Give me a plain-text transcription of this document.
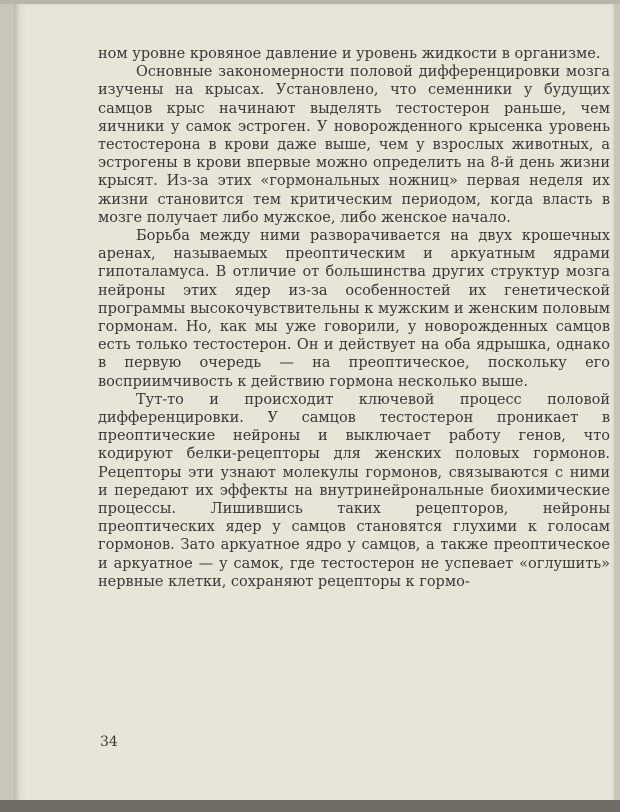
ном уровне кровяное давление и уровень жидкости в организме.

Основные закономерности половой дифференцировки мозга изучены на крысах. Установлено, что семенники у будущих самцов крыс начинают выделять тестостерон раньше, чем яичники у самок эстроген. У новорожденного крысенка уровень тестостерона в крови даже выше, чем у взрослых животных, а эстрогены в крови впервые можно определить на 8-й день жизни крысят. Из-за этих «гормональных ножниц» первая неделя их жизни становится тем критическим периодом, когда власть в мозге получает либо мужское, либо женское начало.

Борьба между ними разворачивается на двух крошечных аренах, называемых преоптическим и аркуатным ядрами гипоталамуса. В отличие от большинства других структур мозга нейроны этих ядер из-за особенностей их генетической программы высокочувствительны к мужским и женским половым гормонам. Но, как мы уже говорили, у новорожденных самцов есть только тестостерон. Он и действует на оба ядрышка, однако в первую очередь — на преоптическое, поскольку его восприимчивость к действию гормона несколько выше.

Тут-то и происходит ключевой процесс половой дифференцировки. У самцов тестостерон проникает в преоптические нейроны и выключает работу генов, что кодируют белки-рецепторы для женских половых гормонов. Рецепторы эти узнают молекулы гормонов, связываются с ними и передают их эффекты на внутринейрональные биохимические процессы. Лишившись таких рецепторов, нейроны преоптических ядер у самцов становятся глухими к голосам гормонов. Зато аркуатное ядро у самцов, а также преоптическое и аркуатное — у самок, где тестостерон не успевает «оглушить» нервные клетки, сохраняют рецепторы к гормо-

34
